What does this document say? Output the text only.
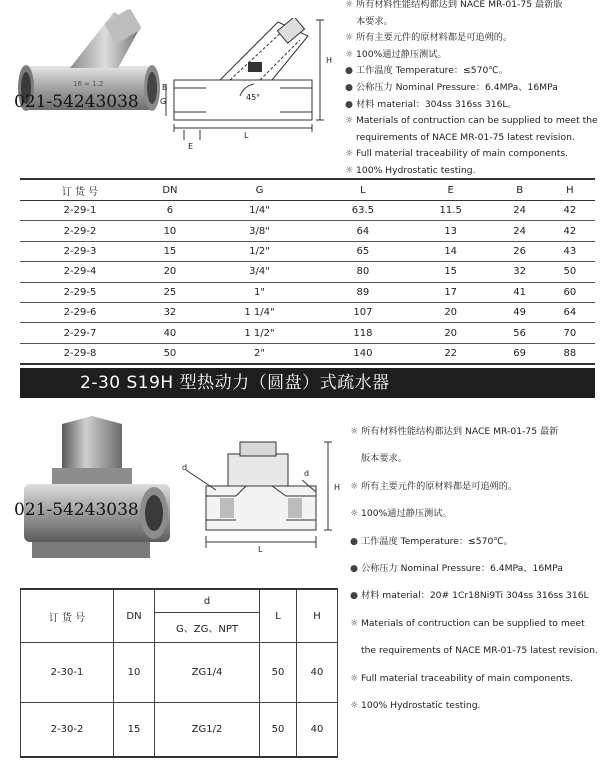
16 ∞ 1.2
021-54243038
H
G
L
E
B
45°
☼ 所有材料性能结构都达到 NACE MR-01-75 最新版
本要求。
☼ 所有主要元件的原材料都是可追朔的。
☼ 100%通过静压测试。
● 工作温度 Temperature：≤570℃。
● 公称压力 Nominal Pressure：6.4MPa、16MPa
● 材料 material：304ss 316ss 316L。
☼ Materials of contruction can be supplied to meet the
requirements of NACE MR-01-75 latest revision.
☼ Full material traceability of main components.
☼ 100% Hydrostatic testing.
订 货 号	DN	G	L	E	B	H
2-29-1	6	1/4"	63.5	11.5	24	42
2-29-2	10	3/8"	64	13	24	42
2-29-3	15	1/2"	65	14	26	43
2-29-4	20	3/4"	80	15	32	50
2-29-5	25	1"	89	17	41	60
2-29-6	32	1 1/4"	107	20	49	64
2-29-7	40	1 1/2"	118	20	56	70
2-29-8	50	2"	140	22	69	88
2-30 S19H 型热动力（圆盘）式疏水器
021-54243038
d
d
H
L
☼ 所有材料性能结构都达到 NACE MR-01-75 最新
版本要求。
☼ 所有主要元件的原材料都是可追朔的。
☼ 100%通过静压测试。
● 工作温度 Temperature：≤570℃。
● 公称压力 Nominal Pressure：6.4MPa、16MPa
● 材料 material：20# 1Cr18Ni9Ti 304ss 316ss 316L
☼ Materials of contruction can be supplied to meet
the requirements of NACE MR-01-75 latest revision.
☼ Full material traceability of main components.
☼ 100% Hydrostatic testing.
订 货 号	DN	d	L	H
		G、ZG、NPT		
2-30-1	10	ZG1/4	50	40
2-30-2	15	ZG1/2	50	40
